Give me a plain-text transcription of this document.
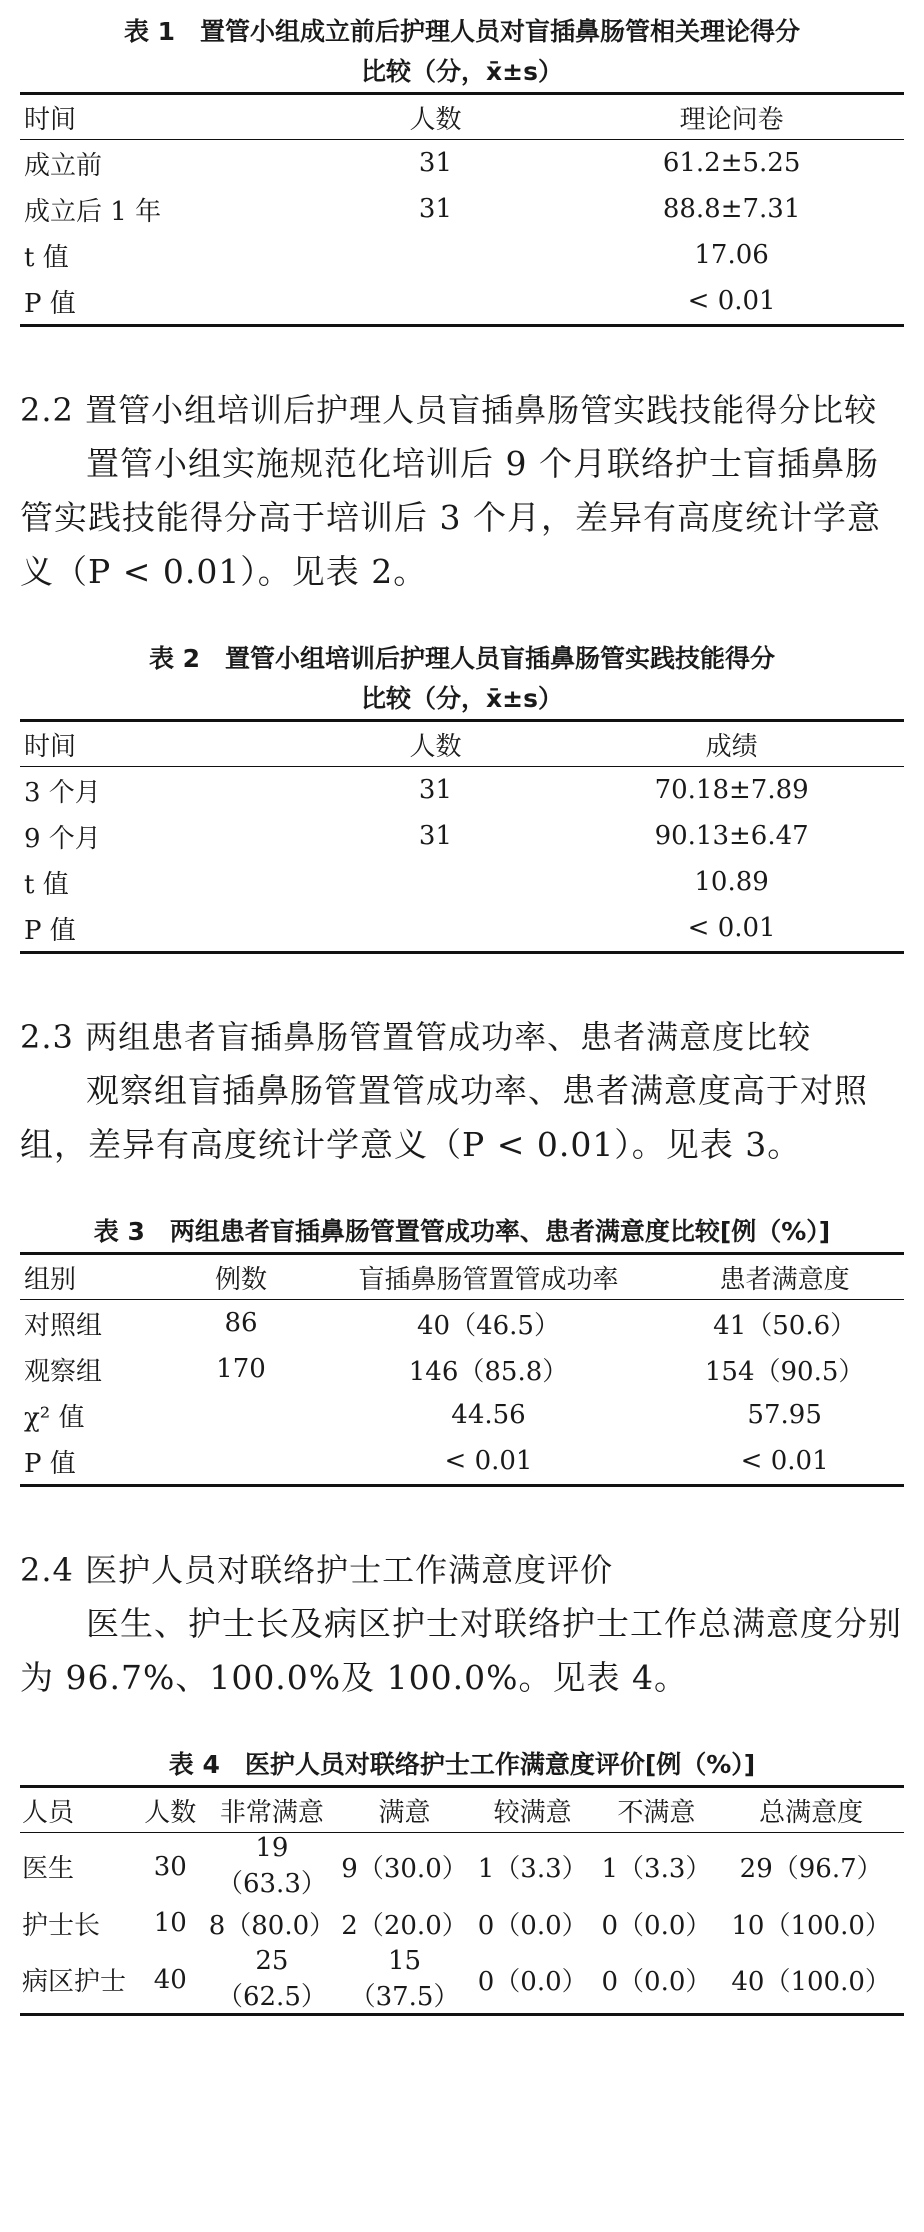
表 1　置管小组成立前后护理人员对盲插鼻肠管相关理论得分
比较（分，x̄±s）

时间	人数	理论问卷
成立前	31	61.2±5.25
成立后 1 年	31	88.8±7.31
t 值		17.06
P 值		< 0.01

2.2 置管小组培训后护理人员盲插鼻肠管实践技能得分比较

置管小组实施规范化培训后 9 个月联络护士盲插鼻肠管实践技能得分高于培训后 3 个月，差异有高度统计学意义（P < 0.01）。见表 2。

表 2　置管小组培训后护理人员盲插鼻肠管实践技能得分
比较（分，x̄±s）

时间	人数	成绩
3 个月	31	70.18±7.89
9 个月	31	90.13±6.47
t 值		10.89
P 值		< 0.01

2.3 两组患者盲插鼻肠管置管成功率、患者满意度比较

观察组盲插鼻肠管置管成功率、患者满意度高于对照组，差异有高度统计学意义（P < 0.01）。见表 3。

表 3　两组患者盲插鼻肠管置管成功率、患者满意度比较[例（%）]

组别	例数	盲插鼻肠管置管成功率	患者满意度
对照组	86	40（46.5）	41（50.6）
观察组	170	146（85.8）	154（90.5）
χ² 值		44.56	57.95
P 值		< 0.01	< 0.01

2.4 医护人员对联络护士工作满意度评价

医生、护士长及病区护士对联络护士工作总满意度分别为 96.7%、100.0%及 100.0%。见表 4。

表 4　医护人员对联络护士工作满意度评价[例（%）]

人员	人数	非常满意	满意	较满意	不满意	总满意度
医生	30	19（63.3）	9（30.0）	1（3.3）	1（3.3）	29（96.7）
护士长	10	8（80.0）	2（20.0）	0（0.0）	0（0.0）	10（100.0）
病区护士	40	25（62.5）	15（37.5）	0（0.0）	0（0.0）	40（100.0）
